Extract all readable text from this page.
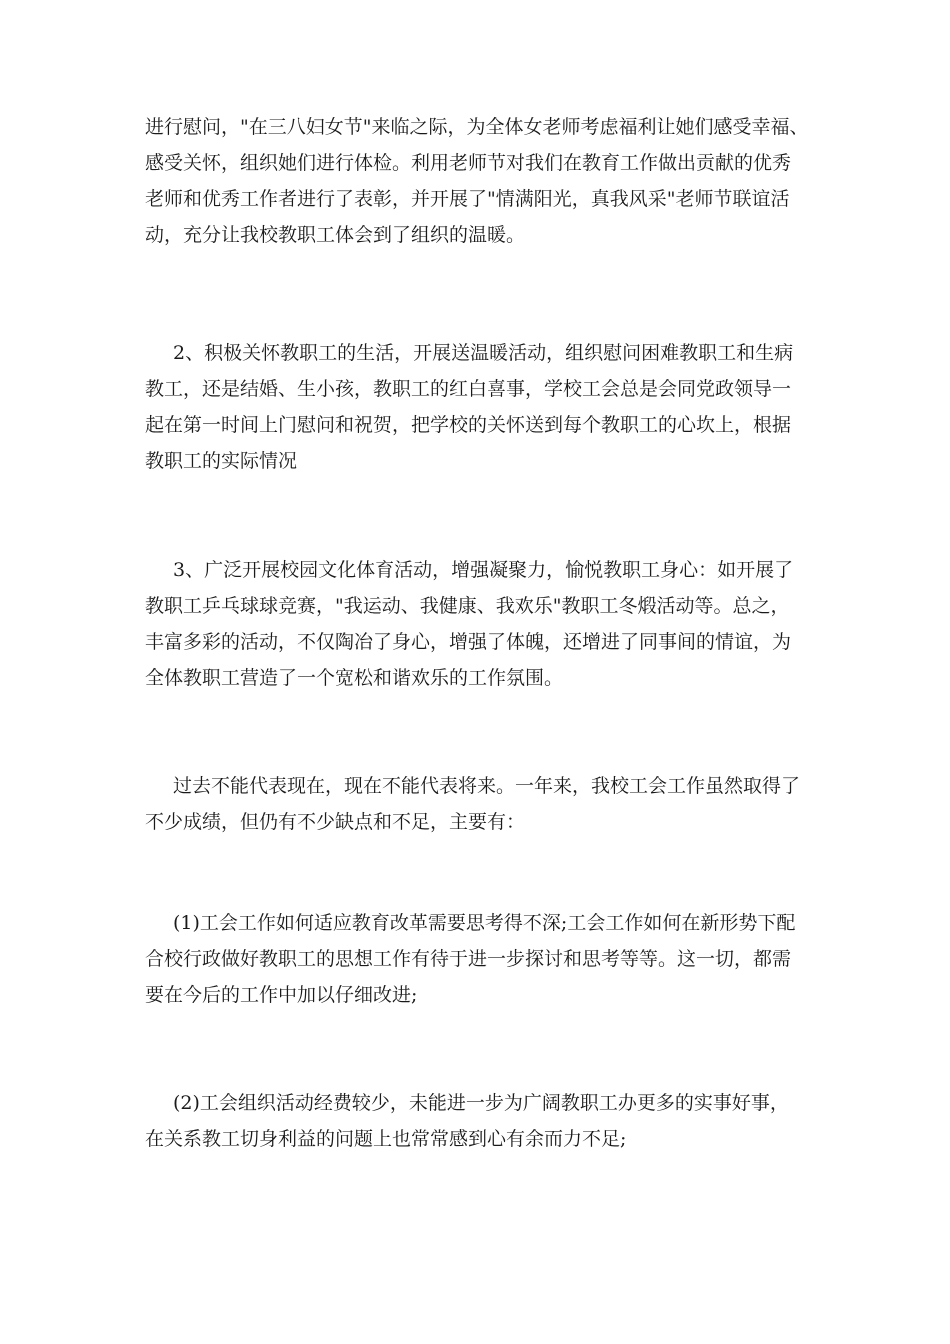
进行慰问，"在三八妇女节"来临之际，为全体女老师考虑福利让她们感受幸福、
感受关怀，组织她们进行体检。利用老师节对我们在教育工作做出贡献的优秀
老师和优秀工作者进行了表彰，并开展了"情满阳光，真我风采"老师节联谊活
动，充分让我校教职工体会到了组织的温暖。
2、积极关怀教职工的生活，开展送温暖活动，组织慰问困难教职工和生病
教工，还是结婚、生小孩，教职工的红白喜事，学校工会总是会同党政领导一
起在第一时间上门慰问和祝贺，把学校的关怀送到每个教职工的心坎上，根据
教职工的实际情况
3、广泛开展校园文化体育活动，增强凝聚力，愉悦教职工身心：如开展了
教职工乒乓球球竞赛，"我运动、我健康、我欢乐"教职工冬煅活动等。总之，
丰富多彩的活动，不仅陶冶了身心，增强了体魄，还增进了同事间的情谊，为
全体教职工营造了一个宽松和谐欢乐的工作氛围。
过去不能代表现在，现在不能代表将来。一年来，我校工会工作虽然取得了
不少成绩，但仍有不少缺点和不足，主要有：
(1)工会工作如何适应教育改革需要思考得不深;工会工作如何在新形势下配
合校行政做好教职工的思想工作有待于进一步探讨和思考等等。这一切，都需
要在今后的工作中加以仔细改进;
(2)工会组织活动经费较少，未能进一步为广阔教职工办更多的实事好事，
在关系教工切身利益的问题上也常常感到心有余而力不足;
